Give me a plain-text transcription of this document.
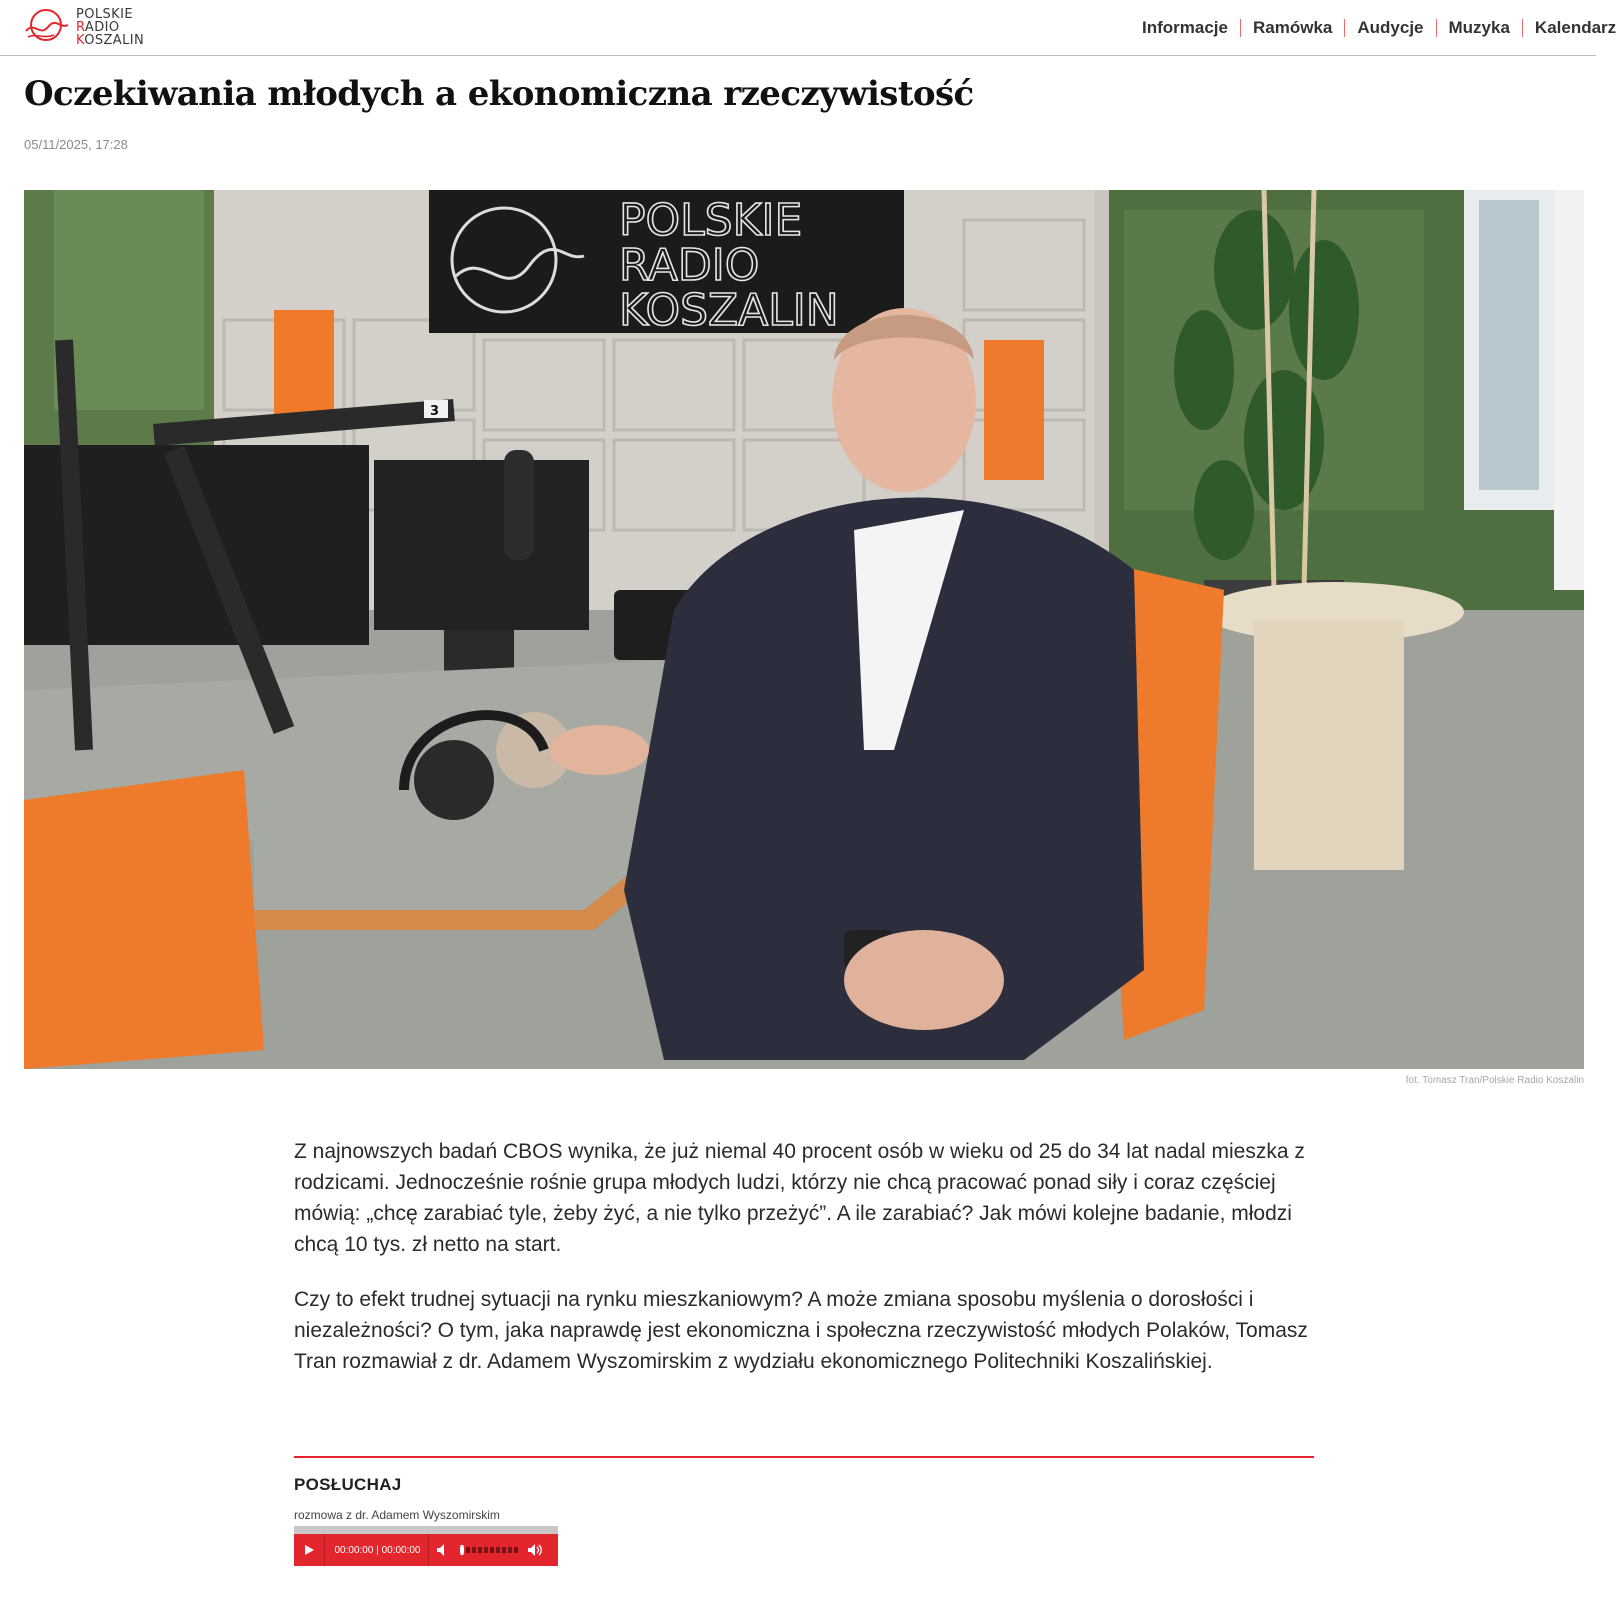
POLSKIE
RADIO
KOSZALIN
Informacje Ramówka Audycje Muzyka Kalendarz
Oczekiwania młodych a ekonomiczna rzeczywistość
05/11/2025, 17:28
POLSKIE
RADIO
KOSZALIN
3
fot. Tomasz Tran/Polskie Radio Koszalin

Z najnowszych badań CBOS wynika, że już niemal 40 procent osób w wieku od 25 do 34 lat nadal mieszka z rodzicami. Jednocześnie rośnie grupa młodych ludzi, którzy nie chcą pracować ponad siły i coraz częściej mówią: „chcę zarabiać tyle, żeby żyć, a nie tylko przeżyć”. A ile zarabiać? Jak mówi kolejne badanie, młodzi chcą 10 tys. zł netto na start.

Czy to efekt trudnej sytuacji na rynku mieszkaniowym? A może zmiana sposobu myślenia o dorosłości i niezależności? O tym, jaka naprawdę jest ekonomiczna i społeczna rzeczywistość młodych Polaków, Tomasz Tran rozmawiał z dr. Adamem Wyszomirskim z wydziału ekonomicznego Politechniki Koszalińskiej.

POSŁUCHAJ
rozmowa z dr. Adamem Wyszomirskim
00:00:00 | 00:00:00
